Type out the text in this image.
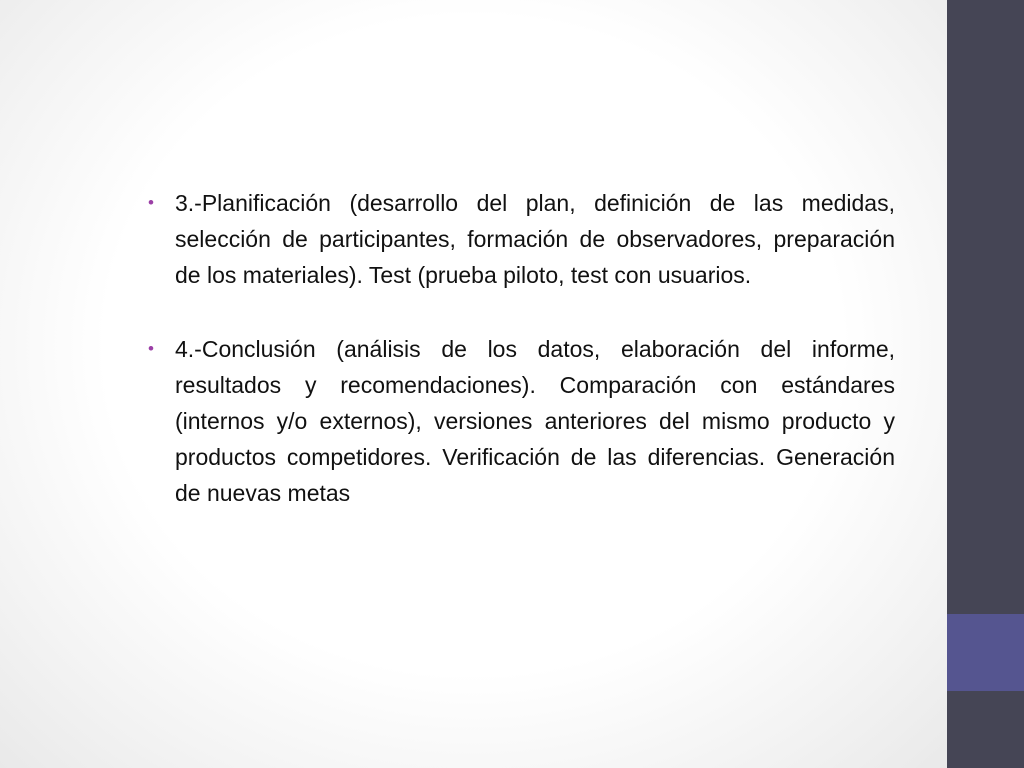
• 3.-Planificación (desarrollo del plan, definición de las medidas, selección de participantes, formación de observadores, preparación de los materiales). Test (prueba piloto, test con usuarios.
• 4.-Conclusión (análisis de los datos, elaboración del informe, resultados y recomendaciones). Comparación con estándares (internos y/o externos), versiones anteriores del mismo producto y productos competidores. Verificación de las diferencias. Generación de nuevas metas
